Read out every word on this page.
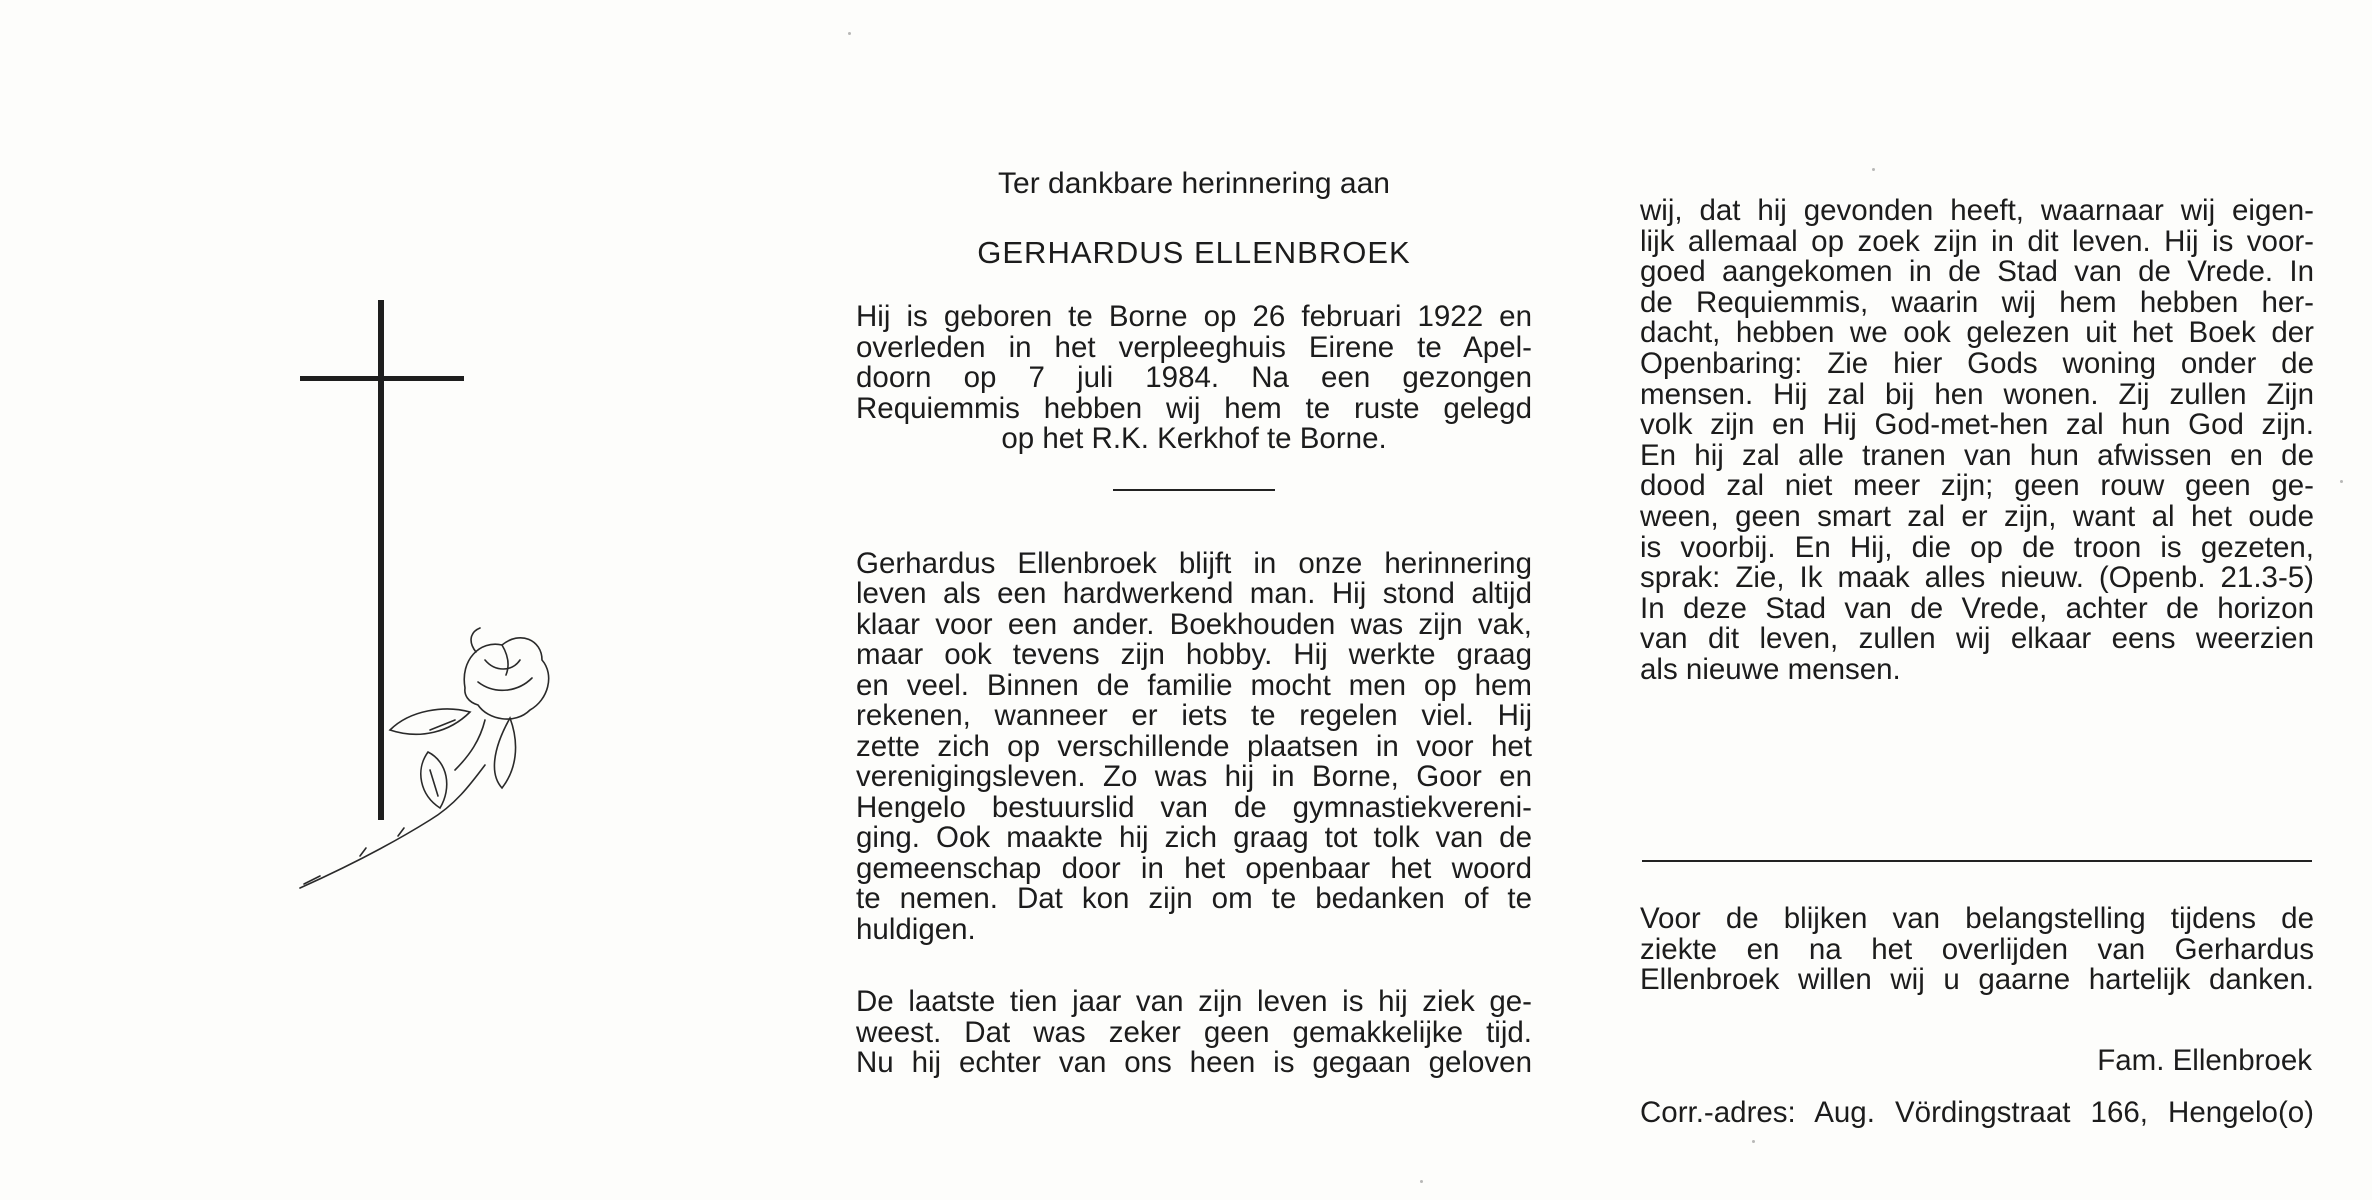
Ter dankbare herinnering aan
GERHARDUS ELLENBROEK

Hij is geboren te Borne op 26 februari 1922 en

overleden in het verpleeghuis Eirene te Apel-

doorn op 7 juli 1984. Na een gezongen

Requiemmis hebben wij hem te ruste gelegd

op het R.K. Kerkhof te Borne.

Gerhardus Ellenbroek blijft in onze herinnering

leven als een hardwerkend man. Hij stond altijd

klaar voor een ander. Boekhouden was zijn vak,

maar ook tevens zijn hobby. Hij werkte graag

en veel. Binnen de familie mocht men op hem

rekenen, wanneer er iets te regelen viel. Hij

zette zich op verschillende plaatsen in voor het

verenigingsleven. Zo was hij in Borne, Goor en

Hengelo bestuurslid van de gymnastiekvereni-

ging. Ook maakte hij zich graag tot tolk van de

gemeenschap door in het openbaar het woord

te nemen. Dat kon zijn om te bedanken of te

huldigen.

De laatste tien jaar van zijn leven is hij ziek ge-

weest. Dat was zeker geen gemakkelijke tijd.

Nu hij echter van ons heen is gegaan geloven

wij, dat hij gevonden heeft, waarnaar wij eigen-

lijk allemaal op zoek zijn in dit leven. Hij is voor-

goed aangekomen in de Stad van de Vrede. In

de Requiemmis, waarin wij hem hebben her-

dacht, hebben we ook gelezen uit het Boek der

Openbaring: Zie hier Gods woning onder de

mensen. Hij zal bij hen wonen. Zij zullen Zijn

volk zijn en Hij God-met-hen zal hun God zijn.

En hij zal alle tranen van hun afwissen en de

dood zal niet meer zijn; geen rouw geen ge-

ween, geen smart zal er zijn, want al het oude

is voorbij. En Hij, die op de troon is gezeten,

sprak: Zie, Ik maak alles nieuw. (Openb. 21.3-5)

In deze Stad van de Vrede, achter de horizon

van dit leven, zullen wij elkaar eens weerzien

als nieuwe mensen.

Voor de blijken van belangstelling tijdens de

ziekte en na het overlijden van Gerhardus

Ellenbroek willen wij u gaarne hartelijk danken.

Fam. Ellenbroek
Corr.-adres: Aug. Vördingstraat 166, Hengelo(o)
